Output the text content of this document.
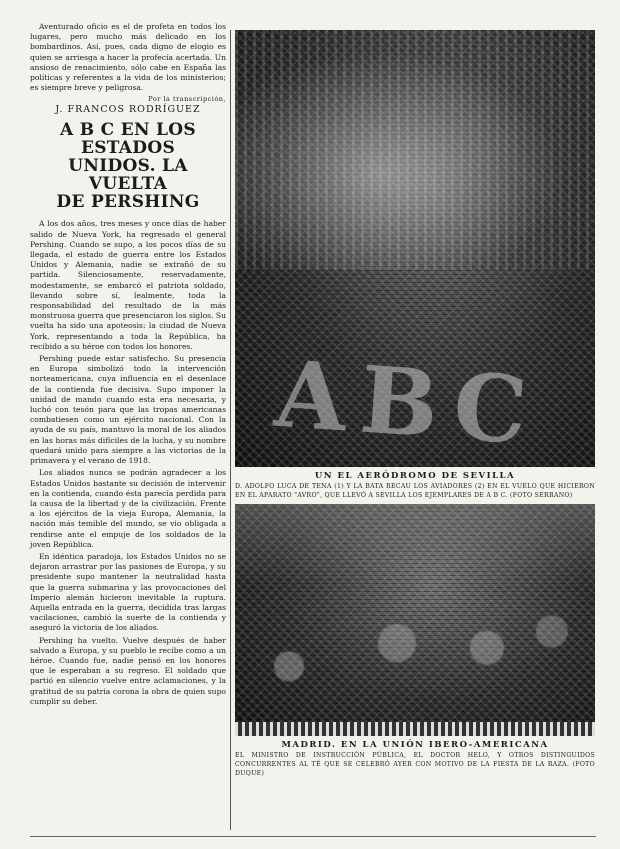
Aventurado oficio es el de profeta en todos los lugares, pero mucho más delicado en los bombardinos. Así, pues, cada digno de elogio es quien se arriesga a hacer la profecía acertada. Un ansioso de renacimiento, sólo cabe en España las políticas y referentes a la vida de los ministerios; es siempre breve y peligrosa.

Por la transcripción,
J. FRANCOS RODRÍGUEZ
A B C EN LOS ESTADOS
UNIDOS. LA VUELTA
DE PERSHING

A los dos años, tres meses y once días de haber salido de Nueva York, ha regresado el general Pershing. Cuando se supo, a los pocos días de su llegada, el estado de guerra entre los Estados Unidos y Alemania, nadie se extrañó de su partida. Silenciosamente, reservadamente, modestamente, se embarcó el patriota soldado, llevando sobre sí, lealmente, toda la responsabilidad del resultado de la más monstruosa guerra que presenciaron los siglos. Su vuelta ha sido una apoteosis: la ciudad de Nueva York, representando a toda la República, ha recibido a su héroe con todos los honores.

Pershing puede estar satisfecho. Su presencia en Europa simbolizó todo la intervención norteamericana, cuya influencia en el desenlace de la contienda fue decisiva. Supo imponer la unidad de mando cuando esta era necesaria, y luchó con tesón para que las tropas americanas combatiesen como un ejército nacional. Con la ayuda de su país, mantuvo la moral de los aliados en las horas más difíciles de la lucha, y su nombre quedará unido para siempre a las victorias de la primavera y el verano de 1918.

Los aliados nunca se podrán agradecer a los Estados Unidos bastante su decisión de intervenir en la contienda, cuando ésta parecía perdida para la causa de la libertad y de la civilización. Frente a los ejércitos de la vieja Europa, Alemania, la nación más temible del mundo, se vio obligada a rendirse ante el empuje de los soldados de la joven República.

En idéntica paradoja, los Estados Unidos no se dejaron arrastrar por las pasiones de Europa, y su presidente supo mantener la neutralidad hasta que la guerra submarina y las provocaciones del Imperio alemán hicieron inevitable la ruptura. Aquella entrada en la guerra, decidida tras largas vacilaciones, cambió la suerte de la contienda y aseguró la victoria de los aliados.

Pershing ha vuelto. Vuelve después de haber salvado a Europa, y su pueblo le recibe como a un héroe. Cuando fue, nadie pensó en los honores que le esperaban a su regreso. El soldado que partió en silencio vuelve entre aclamaciones, y la gratitud de su patria corona la obra de quien supo cumplir su deber.

ABC
UN EL AERÓDROMO DE SEVILLA
D. ADOLFO LUCA DE TENA (1) Y LA BATA RECAU LOS AVIADORES (2) EN EL VUELO QUE HICIERON EN EL APARATO "AVRO", QUE LLEVÓ A SEVILLA LOS EJEMPLARES DE A B C. (FOTO SERRANO)
MADRID. EN LA UNIÓN IBERO-AMERICANA
EL MINISTRO DE INSTRUCCIÓN PÚBLICA, EL DOCTOR HELO, Y OTROS DISTINGUIDOS CONCURRENTES AL TÉ QUE SE CELEBRÓ AYER CON MOTIVO DE LA FIESTA DE LA RAZA. (FOTO DUQUE)
